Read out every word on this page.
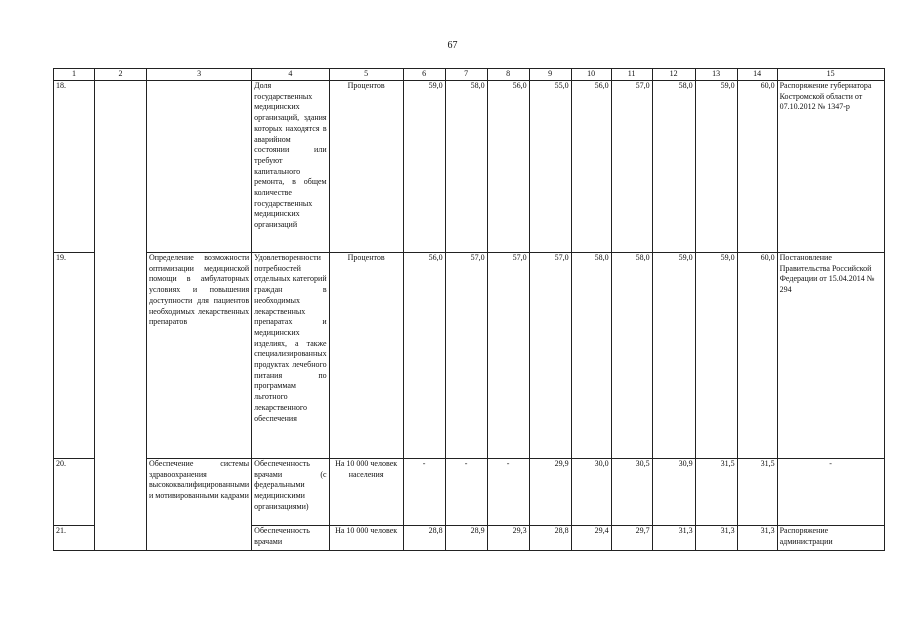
67
1	2	3	4	5	6	7	8	9	10	11	12	13	14	15
18.			Доля государственных медицинских организаций, здания которых находятся в аварийном состоянии или требуют капитального ремонта, в общем количестве государственных медицинских организаций	Процентов	59,0	58,0	56,0	55,0	56,0	57,0	58,0	59,0	60,0	Распоряжение губернатора Костромской области от 07.10.2012 № 1347-р
19.		Определение возможности оптимизации медицинской помощи в амбулаторных условиях и повышения доступности для пациентов необходимых лекарственных препаратов	Удовлетворенности потребностей отдельных категорий граждан в необходимых лекарственных препаратах и медицинских изделиях, а также специализированных продуктах лечебного питания по программам льготного лекарственного обеспечения	Процентов	56,0	57,0	57,0	57,0	58,0	58,0	59,0	59,0	60,0	Постановление Правительства Российской Федерации от 15.04.2014 № 294
20.		Обеспечение системы здравоохранения высококвалифицированными и мотивированными кадрами	Обеспеченность врачами (с федеральными медицинскими организациями)	На 10 000 человек населения	-	-	-	29,9	30,0	30,5	30,9	31,5	31,5	-
21.			Обеспеченность врачами	На 10 000 человек	28,8	28,9	29,3	28,8	29,4	29,7	31,3	31,3	31,3	Распоряжение администрации
